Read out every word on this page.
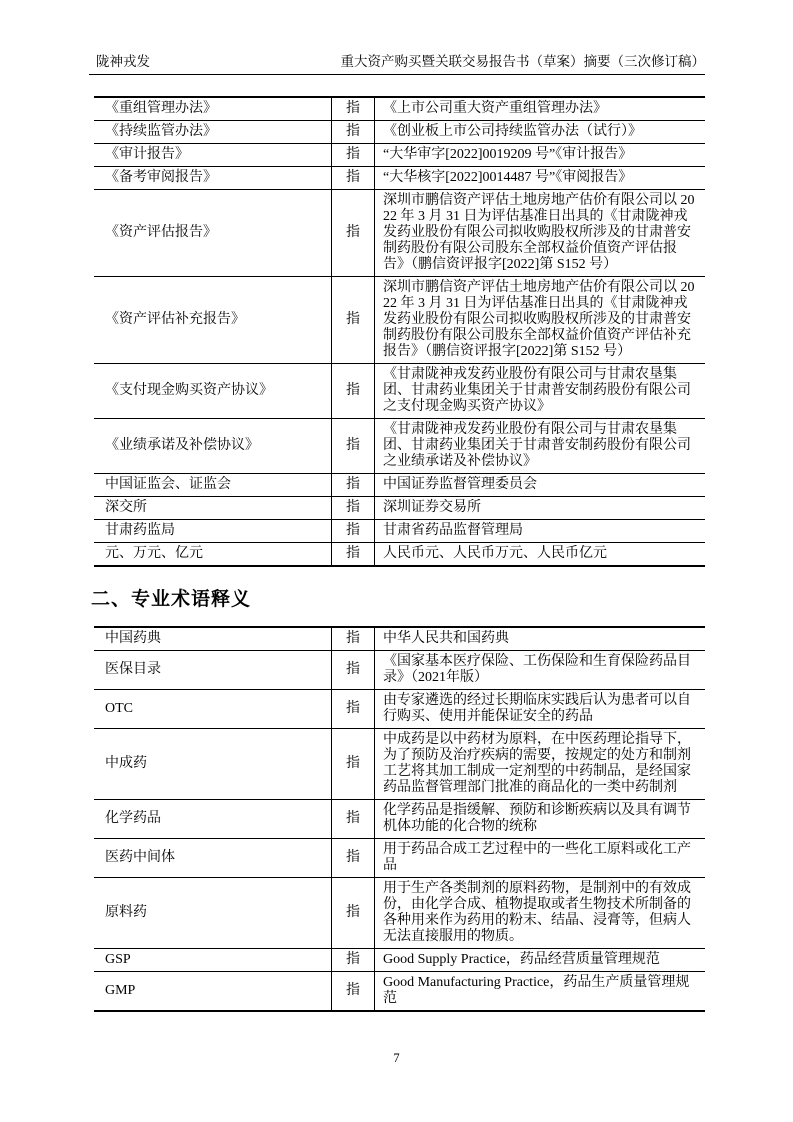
陇神戎发	重大资产购买暨关联交易报告书（草案）摘要（三次修订稿）
《重组管理办法》	指	《上市公司重大资产重组管理办法》
《持续监管办法》	指	《创业板上市公司持续监管办法（试行）》
《审计报告》	指	“大华审字[2022]0019209 号”《审计报告》
《备考审阅报告》	指	“大华核字[2022]0014487 号”《审阅报告》
《资产评估报告》	指	深圳市鹏信资产评估土地房地产估价有限公司以 2022 年 3 月 31 日为评估基准日出具的《甘肃陇神戎发药业股份有限公司拟收购股权所涉及的甘肃普安制药股份有限公司股东全部权益价值资产评估报告》（鹏信资评报字[2022]第 S152 号）
《资产评估补充报告》	指	深圳市鹏信资产评估土地房地产估价有限公司以 2022 年 3 月 31 日为评估基准日出具的《甘肃陇神戎发药业股份有限公司拟收购股权所涉及的甘肃普安制药股份有限公司股东全部权益价值资产评估补充报告》（鹏信资评报字[2022]第 S152 号）
《支付现金购买资产协议》	指	《甘肃陇神戎发药业股份有限公司与甘肃农垦集团、甘肃药业集团关于甘肃普安制药股份有限公司之支付现金购买资产协议》
《业绩承诺及补偿协议》	指	《甘肃陇神戎发药业股份有限公司与甘肃农垦集团、甘肃药业集团关于甘肃普安制药股份有限公司之业绩承诺及补偿协议》
中国证监会、证监会	指	中国证券监督管理委员会
深交所	指	深圳证券交易所
甘肃药监局	指	甘肃省药品监督管理局
元、万元、亿元	指	人民币元、人民币万元、人民币亿元
二、专业术语释义
中国药典	指	中华人民共和国药典
医保目录	指	《国家基本医疗保险、工伤保险和生育保险药品目录》（2021年版）
OTC	指	由专家遴选的经过长期临床实践后认为患者可以自行购买、使用并能保证安全的药品
中成药	指	中成药是以中药材为原料，在中医药理论指导下，为了预防及治疗疾病的需要，按规定的处方和制剂工艺将其加工制成一定剂型的中药制品，是经国家药品监督管理部门批准的商品化的一类中药制剂
化学药品	指	化学药品是指缓解、预防和诊断疾病以及具有调节机体功能的化合物的统称
医药中间体	指	用于药品合成工艺过程中的一些化工原料或化工产品
原料药	指	用于生产各类制剂的原料药物，是制剂中的有效成份，由化学合成、植物提取或者生物技术所制备的各种用来作为药用的粉末、结晶、浸膏等，但病人无法直接服用的物质。
GSP	指	Good Supply Practice，药品经营质量管理规范
GMP	指	Good Manufacturing Practice，药品生产质量管理规范
7
